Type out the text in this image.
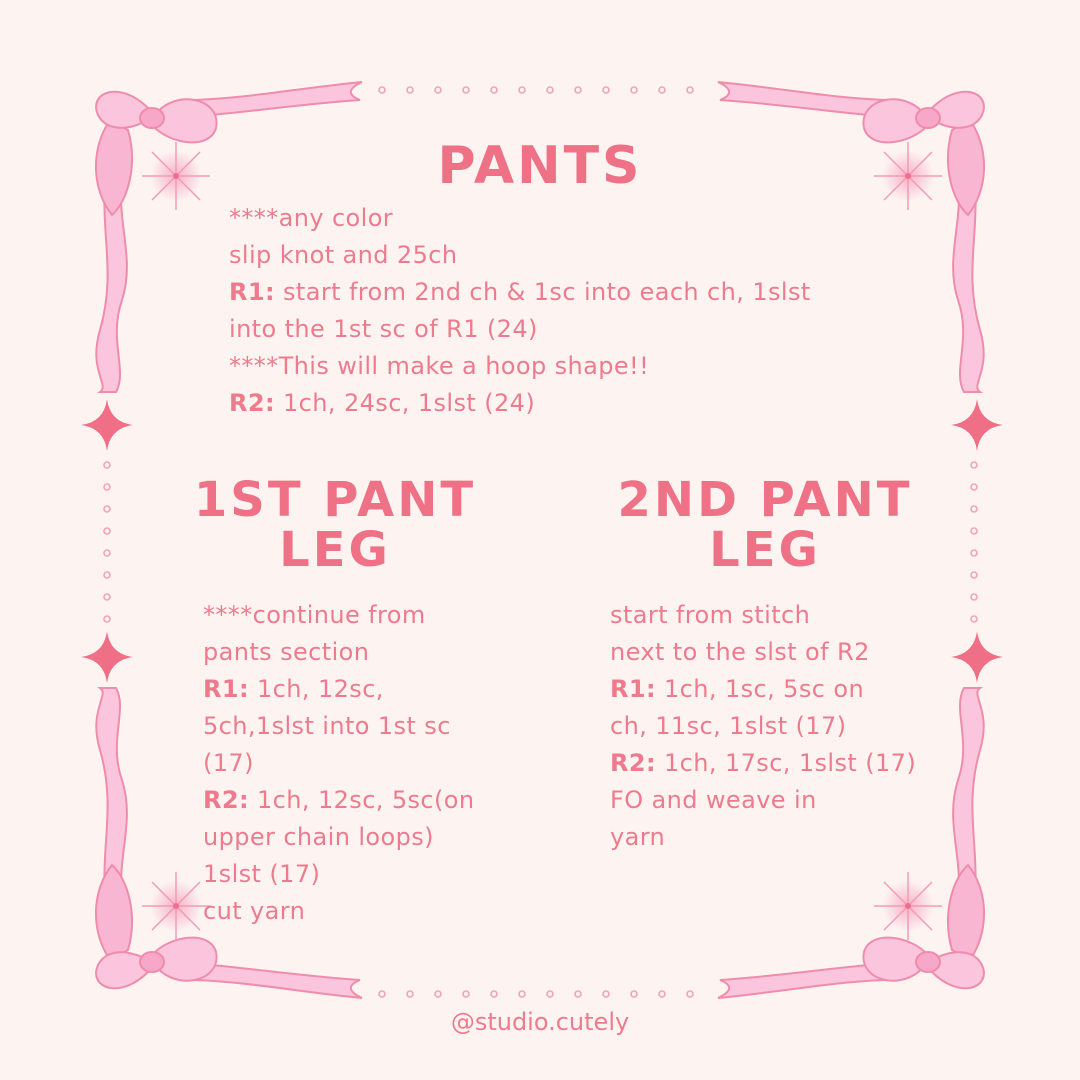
PANTS
****any color
slip knot and 25ch
R1: start from 2nd ch & 1sc into each ch, 1slst
into the 1st sc of R1 (24)
****This will make a hoop shape!!
R2: 1ch, 24sc, 1slst (24)
1ST PANT
LEG
****continue from
pants section
R1: 1ch, 12sc,
5ch,1slst into 1st sc
(17)
R2: 1ch, 12sc, 5sc(on
upper chain loops)
1slst (17)
cut yarn
2ND PANT
LEG
start from stitch
next to the slst of R2
R1: 1ch, 1sc, 5sc on
ch, 11sc, 1slst (17)
R2: 1ch, 17sc, 1slst (17)
FO and weave in
yarn
@studio.cutely
